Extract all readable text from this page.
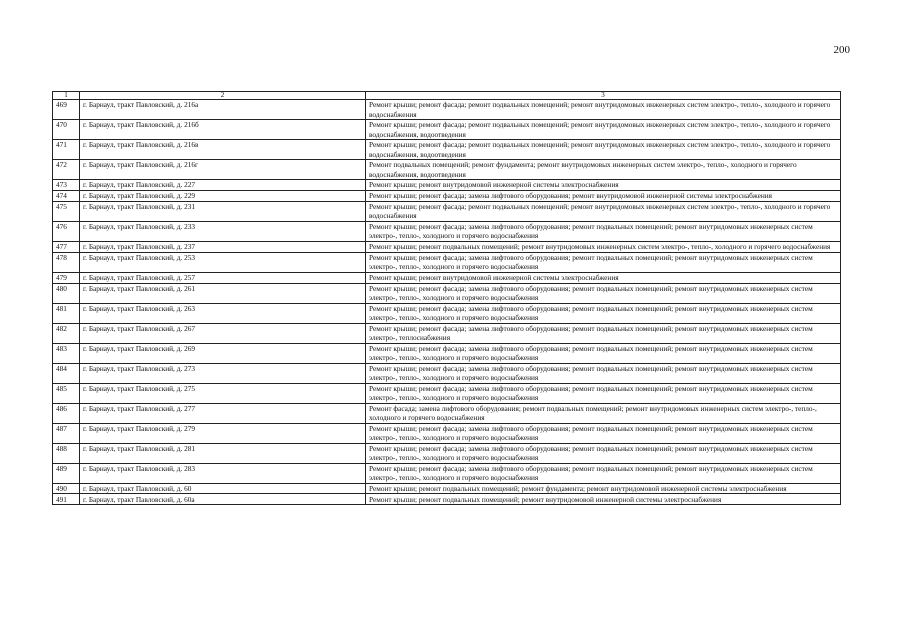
200
1	2	3
469	г. Барнаул, тракт Павловский, д. 216а	Ремонт крыши; ремонт фасада; ремонт подвальных помещений; ремонт внутридомовых инженерных систем электро-, тепло-, холодного и горячего водоснабжения
470	г. Барнаул, тракт Павловский, д. 216б	Ремонт крыши; ремонт фасада; ремонт подвальных помещений; ремонт внутридомовых инженерных систем электро-, тепло-, холодного и горячего водоснабжения, водоотведения
471	г. Барнаул, тракт Павловский, д. 216в	Ремонт крыши; ремонт фасада; ремонт подвальных помещений; ремонт внутридомовых инженерных систем электро-, тепло-, холодного и горячего водоснабжения, водоотведения
472	г. Барнаул, тракт Павловский, д. 216г	Ремонт подвальных помещений; ремонт фундамента; ремонт внутридомовых инженерных систем электро-, тепло-, холодного и горячего водоснабжения, водоотведения
473	г. Барнаул, тракт Павловский, д. 227	Ремонт крыши; ремонт внутридомовой инженерной системы электроснабжения
474	г. Барнаул, тракт Павловский, д. 229	Ремонт крыши; ремонт фасада; замена лифтового оборудования; ремонт внутридомовой инженерной системы электроснабжения
475	г. Барнаул, тракт Павловский, д. 231	Ремонт крыши; ремонт фасада; ремонт подвальных помещений; ремонт внутридомовых инженерных систем электро-, тепло-, холодного и горячего водоснабжения
476	г. Барнаул, тракт Павловский, д. 233	Ремонт крыши; ремонт фасада; замена лифтового оборудования; ремонт подвальных помещений; ремонт внутридомовых инженерных систем электро-, тепло-, холодного и горячего водоснабжения
477	г. Барнаул, тракт Павловский, д. 237	Ремонт крыши; ремонт подвальных помещений; ремонт внутридомовых инженерных систем электро-, тепло-, холодного и горячего водоснабжения
478	г. Барнаул, тракт Павловский, д. 253	Ремонт крыши; ремонт фасада; замена лифтового оборудования; ремонт подвальных помещений; ремонт внутридомовых инженерных систем электро-, тепло-, холодного и горячего водоснабжения
479	г. Барнаул, тракт Павловский, д. 257	Ремонт крыши; ремонт внутридомовой инженерной системы электроснабжения
480	г. Барнаул, тракт Павловский, д. 261	Ремонт крыши; ремонт фасада; замена лифтового оборудования; ремонт подвальных помещений; ремонт внутридомовых инженерных систем электро-, тепло-, холодного и горячего водоснабжения
481	г. Барнаул, тракт Павловский, д. 263	Ремонт крыши; ремонт фасада; замена лифтового оборудования; ремонт подвальных помещений; ремонт внутридомовых инженерных систем электро-, тепло-, холодного и горячего водоснабжения
482	г. Барнаул, тракт Павловский, д. 267	Ремонт крыши; ремонт фасада; замена лифтового оборудования; ремонт подвальных помещений; ремонт внутридомовых инженерных систем электро-, теплоснабжения
483	г. Барнаул, тракт Павловский, д. 269	Ремонт крыши; ремонт фасада; замена лифтового оборудования; ремонт подвальных помещений; ремонт внутридомовых инженерных систем электро-, тепло-, холодного и горячего водоснабжения
484	г. Барнаул, тракт Павловский, д. 273	Ремонт крыши; ремонт фасада; замена лифтового оборудования; ремонт подвальных помещений; ремонт внутридомовых инженерных систем электро-, тепло-, холодного и горячего водоснабжения
485	г. Барнаул, тракт Павловский, д. 275	Ремонт крыши; ремонт фасада; замена лифтового оборудования; ремонт подвальных помещений; ремонт внутридомовых инженерных систем электро-, тепло-, холодного и горячего водоснабжения
486	г. Барнаул, тракт Павловский, д. 277	Ремонт фасада; замена лифтового оборудования; ремонт подвальных помещений; ремонт внутридомовых инженерных систем электро-, тепло-, холодного и горячего водоснабжения
487	г. Барнаул, тракт Павловский, д. 279	Ремонт крыши; ремонт фасада; замена лифтового оборудования; ремонт подвальных помещений; ремонт внутридомовых инженерных систем электро-, тепло-, холодного и горячего водоснабжения
488	г. Барнаул, тракт Павловский, д. 281	Ремонт крыши; ремонт фасада; замена лифтового оборудования; ремонт подвальных помещений; ремонт внутридомовых инженерных систем электро-, тепло-, холодного и горячего водоснабжения
489	г. Барнаул, тракт Павловский, д. 283	Ремонт крыши; ремонт фасада; замена лифтового оборудования; ремонт подвальных помещений; ремонт внутридомовых инженерных систем электро-, тепло-, холодного и горячего водоснабжения
490	г. Барнаул, тракт Павловский, д. 60	Ремонт крыши; ремонт подвальных помещений; ремонт фундамента; ремонт внутридомовой инженерной системы электроснабжения
491	г. Барнаул, тракт Павловский, д. 60а	Ремонт крыши; ремонт подвальных помещений; ремонт внутридомовой инженерной системы электроснабжения
